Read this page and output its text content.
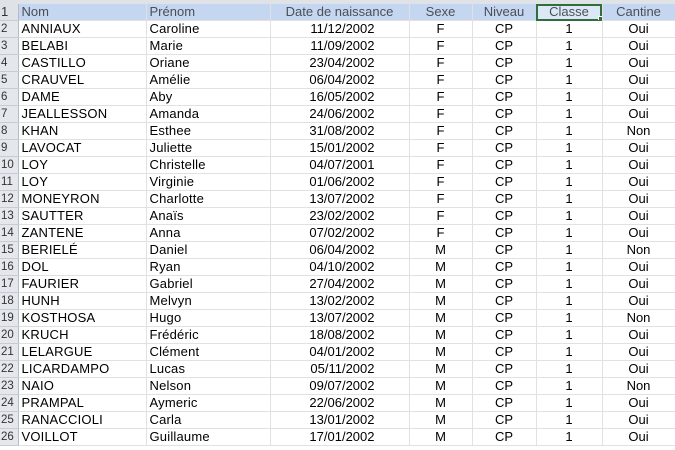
1	Nom	Prénom	Date de naissance	Sexe	Niveau	Classe	Cantine
2	ANNIAUX	Caroline	11/12/2002	F	CP	1	Oui
3	BELABI	Marie	11/09/2002	F	CP	1	Oui
4	CASTILLO	Oriane	23/04/2002	F	CP	1	Oui
5	CRAUVEL	Amélie	06/04/2002	F	CP	1	Oui
6	DAME	Aby	16/05/2002	F	CP	1	Oui
7	JEALLESSON	Amanda	24/06/2002	F	CP	1	Oui
8	KHAN	Esthee	31/08/2002	F	CP	1	Non
9	LAVOCAT	Juliette	15/01/2002	F	CP	1	Oui
10	LOY	Christelle	04/07/2001	F	CP	1	Oui
11	LOY	Virginie	01/06/2002	F	CP	1	Oui
12	MONEYRON	Charlotte	13/07/2002	F	CP	1	Oui
13	SAUTTER	Anaïs	23/02/2002	F	CP	1	Oui
14	ZANTENE	Anna	07/02/2002	F	CP	1	Oui
15	BERIELÉ	Daniel	06/04/2002	M	CP	1	Non
16	DOL	Ryan	04/10/2002	M	CP	1	Oui
17	FAURIER	Gabriel	27/04/2002	M	CP	1	Oui
18	HUNH	Melvyn	13/02/2002	M	CP	1	Oui
19	KOSTHOSA	Hugo	13/07/2002	M	CP	1	Non
20	KRUCH	Frédéric	18/08/2002	M	CP	1	Oui
21	LELARGUE	Clément	04/01/2002	M	CP	1	Oui
22	LICARDAMPO	Lucas	05/11/2002	M	CP	1	Oui
23	NAIO	Nelson	09/07/2002	M	CP	1	Non
24	PRAMPAL	Aymeric	22/06/2002	M	CP	1	Oui
25	RANACCIOLI	Carla	13/01/2002	M	CP	1	Oui
26	VOILLOT	Guillaume	17/01/2002	M	CP	1	Oui
